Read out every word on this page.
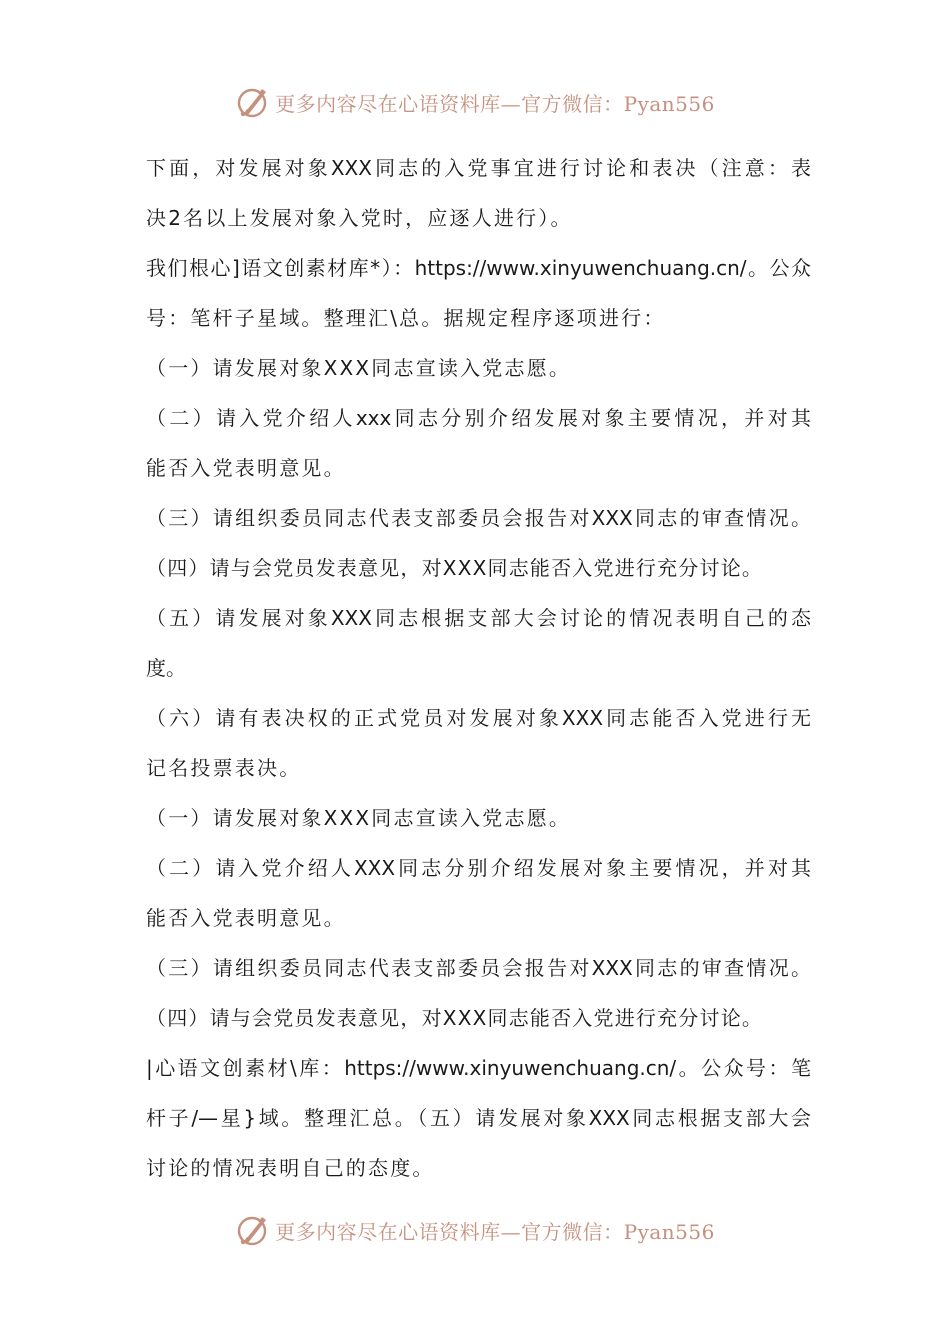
更多内容尽在心语资料库—官方微信：Pyan556
下面，对发展对象XXX同志的入党事宜进行讨论和表决（注意：表
决2名以上发展对象入党时，应逐人进行）。
我们根心]语文创素材库*）：https://www.xinyuwenchuang.cn/。公众
号：笔杆子星域。整理汇\总。据规定程序逐项进行：
（一）请发展对象XXX同志宣读入党志愿。
（二）请入党介绍人xxx同志分别介绍发展对象主要情况，并对其
能否入党表明意见。
（三）请组织委员同志代表支部委员会报告对XXX同志的审查情况。
（四）请与会党员发表意见，对XXX同志能否入党进行充分讨论。
（五）请发展对象XXX同志根据支部大会讨论的情况表明自己的态
度。
（六）请有表决权的正式党员对发展对象XXX同志能否入党进行无
记名投票表决。
（一）请发展对象XXX同志宣读入党志愿。
（二）请入党介绍人XXX同志分别介绍发展对象主要情况，并对其
能否入党表明意见。
（三）请组织委员同志代表支部委员会报告对XXX同志的审查情况。
（四）请与会党员发表意见，对XXX同志能否入党进行充分讨论。
|心语文创素材\库：https://www.xinyuwenchuang.cn/。公众号：笔
杆子/—星}域。整理汇总。（五）请发展对象XXX同志根据支部大会
讨论的情况表明自己的态度。
更多内容尽在心语资料库—官方微信：Pyan556
